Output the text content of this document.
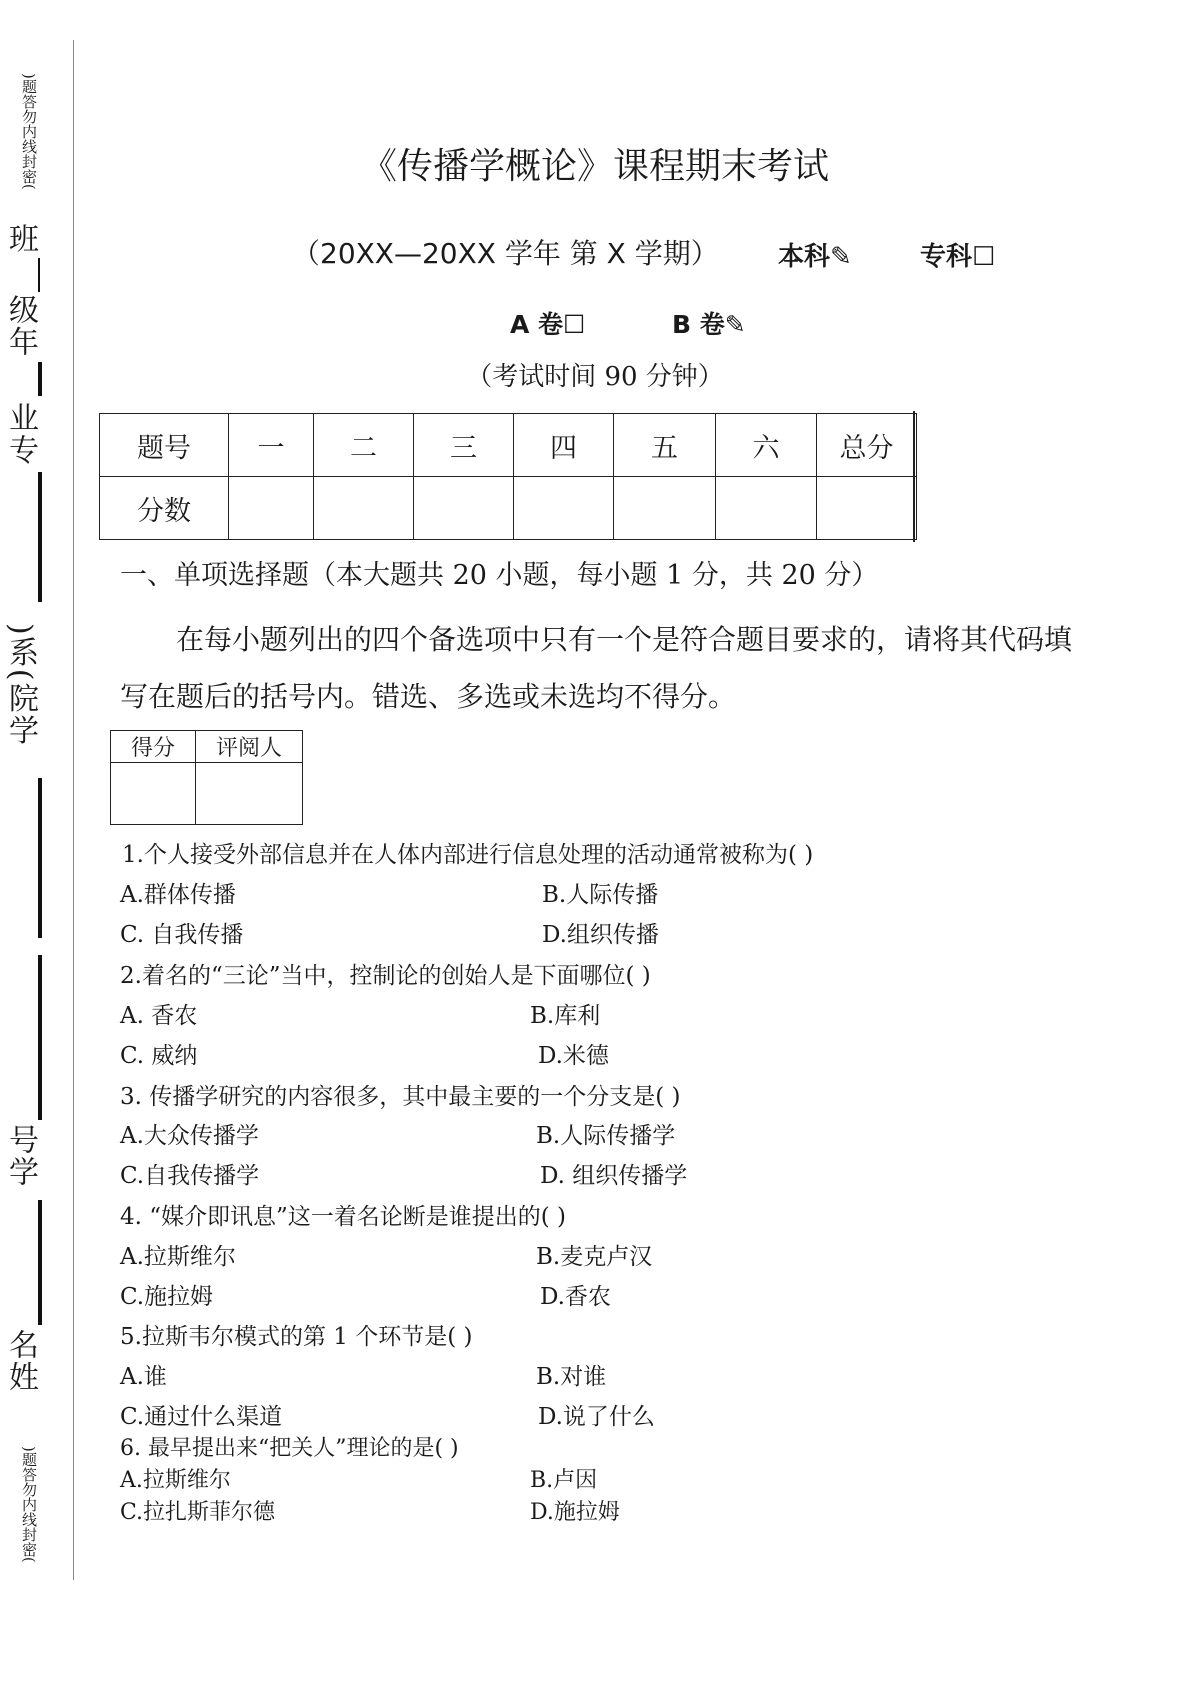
)题答勿内线封密(
班
级年
业专
)系(院学
号学
名姓
)题答勿内线封密(
《传播学概论》课程期末考试
（20XX—20XX 学年 第 X 学期） 本科✎	专科☐
A 卷☐	B 卷✎
（考试时间 90 分钟）
题号	一	二	三	四	五	六	总分
分数							
一、单项选择题（本大题共 20 小题，每小题 1 分，共 20 分）
在每小题列出的四个备选项中只有一个是符合题目要求的，请将其代码填
写在题后的括号内。错选、多选或未选均不得分。
得分	评阅人

1.个人接受外部信息并在人体内部进行信息处理的活动通常被称为( )
A.群体传播	B.人际传播
C. 自我传播	D.组织传播
2.着名的“三论”当中，控制论的创始人是下面哪位( )
A. 香农	B.库利
C. 威纳	D.米德
3. 传播学研究的内容很多，其中最主要的一个分支是( )
A.大众传播学	B.人际传播学
C.自我传播学	D. 组织传播学
4. “媒介即讯息”这一着名论断是谁提出的( )
A.拉斯维尔	B.麦克卢汉
C.施拉姆	D.香农
5.拉斯韦尔模式的第 1 个环节是( )
A.谁	B.对谁
C.通过什么渠道	D.说了什么
6. 最早提出来“把关人”理论的是( )
A.拉斯维尔	B.卢因
C.拉扎斯菲尔德	D.施拉姆
